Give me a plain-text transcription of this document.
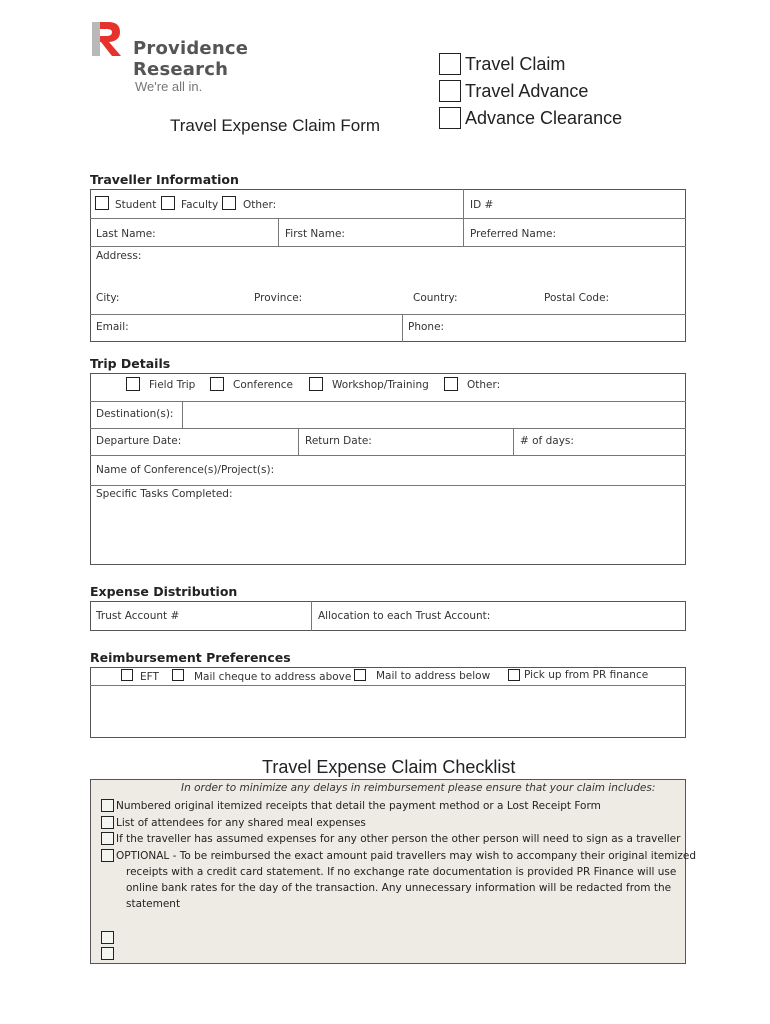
Providence
Research
We're all in.
Travel Expense Claim Form
Travel Claim
Travel Advance
Advance Clearance
Traveller Information
Student Faculty Other:	ID #
Last Name:	First Name:	Preferred Name:
Address:
City:	Province:	Country:	Postal Code:
Email:	Phone:
Trip Details
Field Trip	Conference	Workshop/Training	Other:
Destination(s):
Departure Date:	Return Date:	# of days:
Name of Conference(s)/Project(s):
Specific Tasks Completed:
Expense Distribution
Trust Account #	Allocation to each Trust Account:
Reimbursement Preferences
EFT	Mail cheque to address above Mail to address below	Pick up from PR finance
Travel Expense Claim Checklist
In order to minimize any delays in reimbursement please ensure that your claim includes:
Numbered original itemized receipts that detail the payment method or a Lost Receipt Form
List of attendees for any shared meal expenses
If the traveller has assumed expenses for any other person the other person will need to sign as a traveller
OPTIONAL - To be reimbursed the exact amount paid travellers may wish to accompany their original itemized
receipts with a credit card statement. If no exchange rate documentation is provided PR Finance will use
online bank rates for the day of the transaction. Any unnecessary information will be redacted from the
statement
